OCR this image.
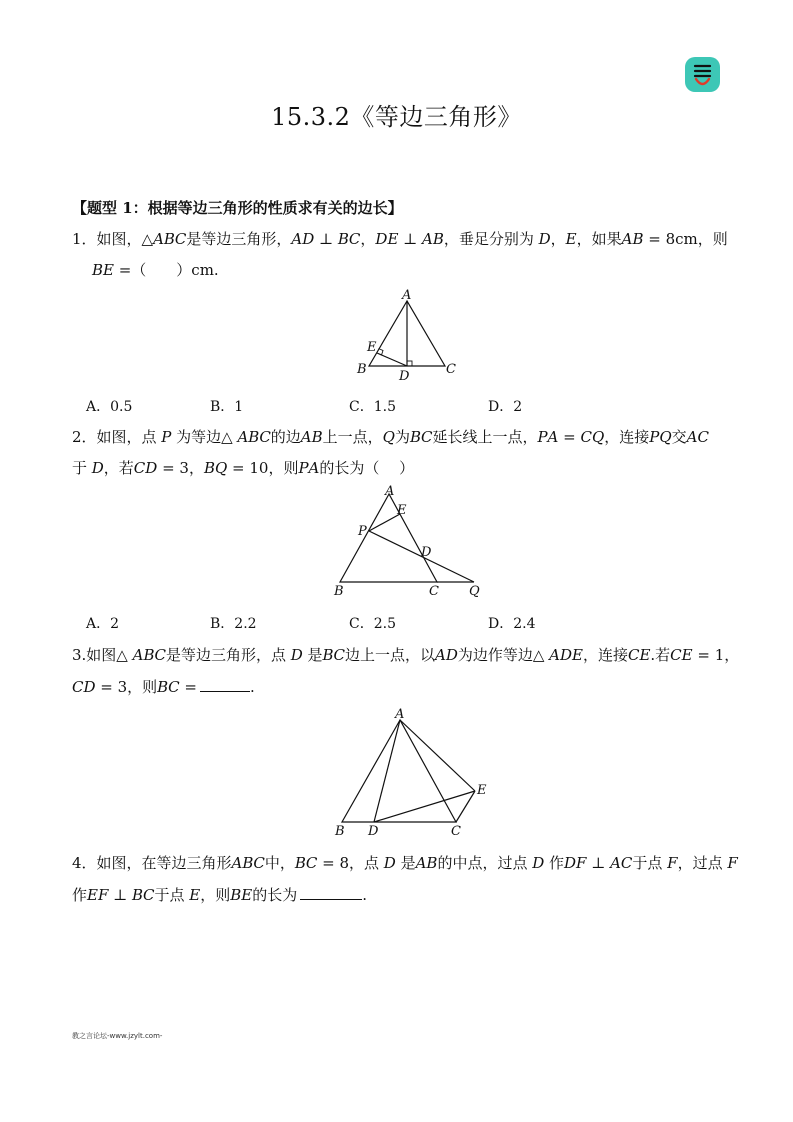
15.3.2《等边三角形》
【题型 1：根据等边三角形的性质求有关的边长】
1．如图，△𝐴𝐵𝐶是等边三角形，𝐴𝐷 ⊥ 𝐵𝐶，𝐷𝐸 ⊥ 𝐴𝐵，垂足分别为 𝐷，𝐸，如果𝐴𝐵 = 8cm，则
𝐵𝐸 =（　　）cm.
A
B	C
D
E
A．0.5	B．1	C．1.5	D．2
2．如图，点 𝑃 为等边△ 𝐴𝐵𝐶的边𝐴𝐵上一点，𝑄为𝐵𝐶延长线上一点，𝑃𝐴 = 𝐶𝑄，连接𝑃𝑄交𝐴𝐶
于 𝐷，若𝐶𝐷 = 3，𝐵𝑄 = 10，则𝑃𝐴的长为（　 ）
A
E
P
D
B	C Q
A．2	B．2.2	C．2.5	D．2.4
3.如图△ 𝐴𝐵𝐶是等边三角形，点 𝐷 是𝐵𝐶边上一点，以𝐴𝐷为边作等边△ 𝐴𝐷𝐸，连接𝐶𝐸.若𝐶𝐸 = 1，
𝐶𝐷 = 3，则𝐵𝐶 =	.
A
E
B D	C
4．如图，在等边三角形𝐴𝐵𝐶中，𝐵𝐶 = 8，点 𝐷 是𝐴𝐵的中点，过点 𝐷 作𝐷𝐹 ⊥ 𝐴𝐶于点 𝐹，过点 𝐹
作𝐸𝐹 ⊥ 𝐵𝐶于点 𝐸，则𝐵𝐸的长为	.
教之言论坛-www.jzylt.com-
